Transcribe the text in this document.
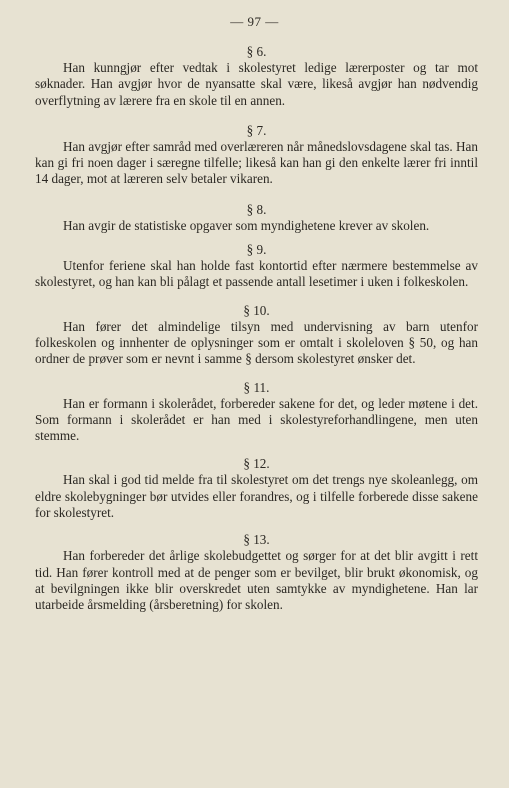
— 97 —
§ 6.

Han kunngjør efter vedtak i skolestyret ledige lærerposter og tar mot søknader. Han avgjør hvor de nyansatte skal være, likeså avgjør han nødvendig overflytning av lærere fra en skole til en annen.

§ 7.

Han avgjør efter samråd med overlæreren når månedslovsdagene skal tas. Han kan gi fri noen dager i særegne tilfelle; likeså kan han gi den enkelte lærer fri inntil 14 dager, mot at læreren selv betaler vikaren.

§ 8.

Han avgir de statistiske opgaver som myndighetene krever av skolen.

§ 9.

Utenfor feriene skal han holde fast kontortid efter nærmere bestemmelse av skolestyret, og han kan bli pålagt et passende antall lesetimer i uken i folkeskolen.

§ 10.

Han fører det almindelige tilsyn med undervisning av barn utenfor folkeskolen og innhenter de oplysninger som er omtalt i skoleloven § 50, og han ordner de prøver som er nevnt i samme § dersom skolestyret ønsker det.

§ 11.

Han er formann i skolerådet, forbereder sakene for det, og leder møtene i det. Som formann i skolerådet er han med i skolestyreforhandlingene, men uten stemme.

§ 12.

Han skal i god tid melde fra til skolestyret om det trengs nye skoleanlegg, om eldre skolebygninger bør utvides eller forandres, og i tilfelle forberede disse sakene for skolestyret.

§ 13.

Han forbereder det årlige skolebudgettet og sørger for at det blir avgitt i rett tid. Han fører kontroll med at de penger som er bevilget, blir brukt økonomisk, og at bevilgningen ikke blir overskredet uten samtykke av myndighetene. Han lar utarbeide årsmelding (årsberetning) for skolen.
